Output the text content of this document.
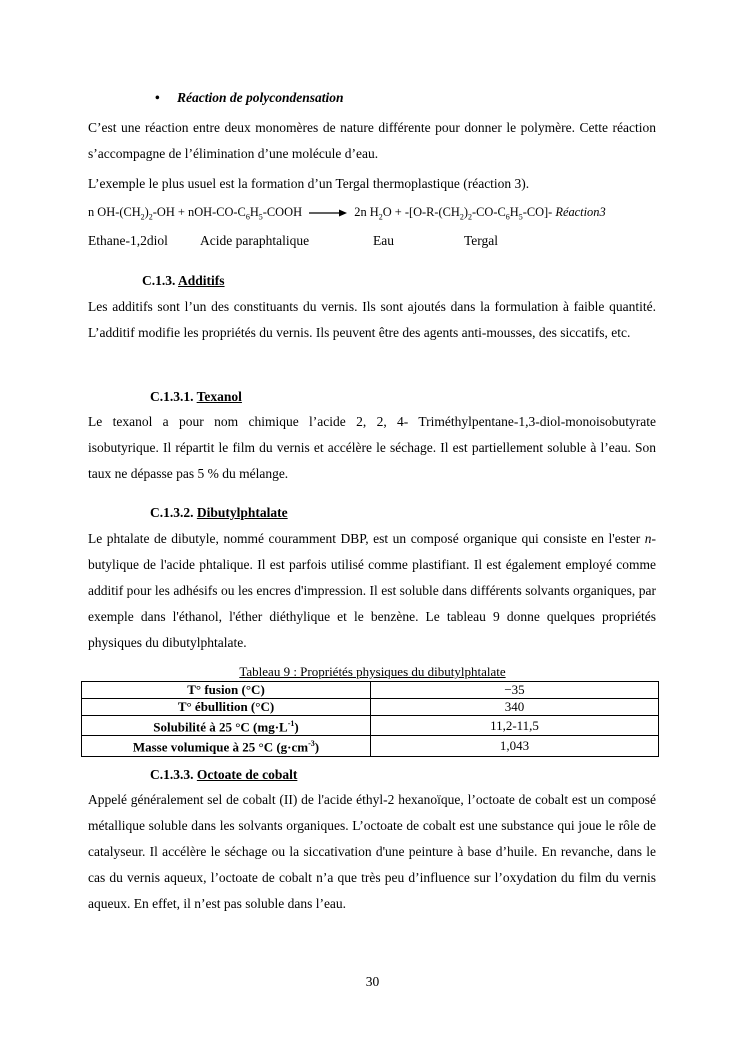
• Réaction de polycondensation
C’est une réaction entre deux monomères de nature différente pour donner le polymère. Cette réaction s’accompagne de l’élimination d’une molécule d’eau.
L’exemple le plus usuel est la formation d’un Tergal thermoplastique (réaction 3).
n $OH-(CH_2)_2-OH$ + nOH-$CO-C_6H_5$-COOH	2n $H_2O + -[O-R-(CH_2)_2-CO-C_6H_5-CO]-$ Réaction3
Ethane-1,2diol Acide paraphtalique	Eau	Tergal
C.1.3. Additifs
Les additifs sont l’un des constituants du vernis. Ils sont ajoutés dans la formulation à faible quantité. L’additif modifie les propriétés du vernis. Ils peuvent être des agents anti-mousses, des siccatifs, etc.
C.1.3.1. Texanol
Le texanol a pour nom chimique l’acide 2, 2, 4- Triméthylpentane-1,3-diol-monoisobutyrate isobutyrique. Il répartit le film du vernis et accélère le séchage. Il est partiellement soluble à l’eau. Son taux ne dépasse pas 5 % du mélange.
C.1.3.2. Dibutylphtalate
Le phtalate de dibutyle, nommé couramment DBP, est un composé organique qui consiste en l'ester n-butylique de l'acide phtalique. Il est parfois utilisé comme plastifiant. Il est également employé comme additif pour les adhésifs ou les encres d'impression. Il est soluble dans différents solvants organiques, par exemple dans l'éthanol, l'éther diéthylique et le benzène. Le tableau 9 donne quelques propriétés physiques du dibutylphtalate.
Tableau 9 : Propriétés physiques du dibutylphtalate
T° fusion (°C)	−35
T° ébullition (°C)	340
Solubilité à 25 °C $(mg\cdot L^{-1})$	11,2-11,5
Masse volumique à 25 °C $(g\cdot cm^{-3})$	1,043
C.1.3.3. Octoate de cobalt
Appelé généralement sel de cobalt (II) de l'acide éthyl-2 hexanoïque, l’octoate de cobalt est un composé métallique soluble dans les solvants organiques. L’octoate de cobalt est une substance qui joue le rôle de catalyseur. Il accélère le séchage ou la siccativation d'une peinture à base d’huile. En revanche, dans le cas du vernis aqueux, l’octoate de cobalt n’a que très peu d’influence sur l’oxydation du film du vernis aqueux. En effet, il n’est pas soluble dans l’eau.
30
